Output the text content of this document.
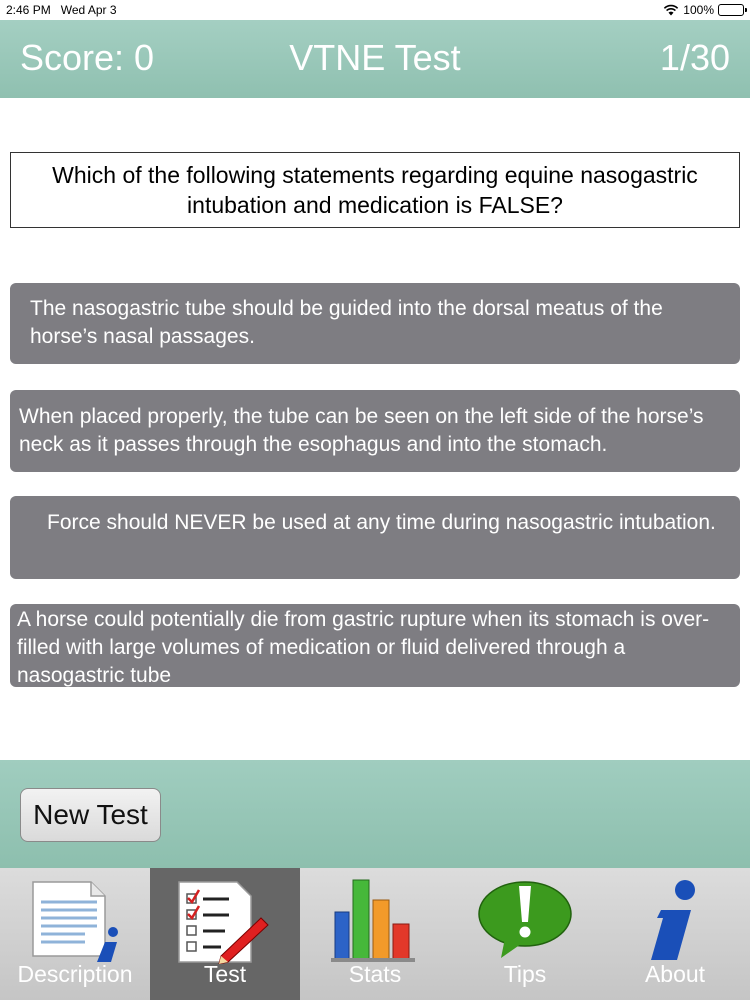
2:46 PM Wed Apr 3	100%
Score: 0	VTNE Test	1/30
Which of the following statements regarding equine nasogastric intubation and medication is FALSE?
The nasogastric tube should be guided into the dorsal meatus of the horse’s nasal passages.
When placed properly, the tube can be seen on the left side of the horse’s neck as it passes through the esophagus and into the stomach.
Force should NEVER be used at any time during nasogastric intubation.
A horse could potentially die from gastric rupture when its stomach is over-filled with large volumes of medication or fluid delivered through a nasogastric tube
New Test
Description	Test	Stats	Tips	About
